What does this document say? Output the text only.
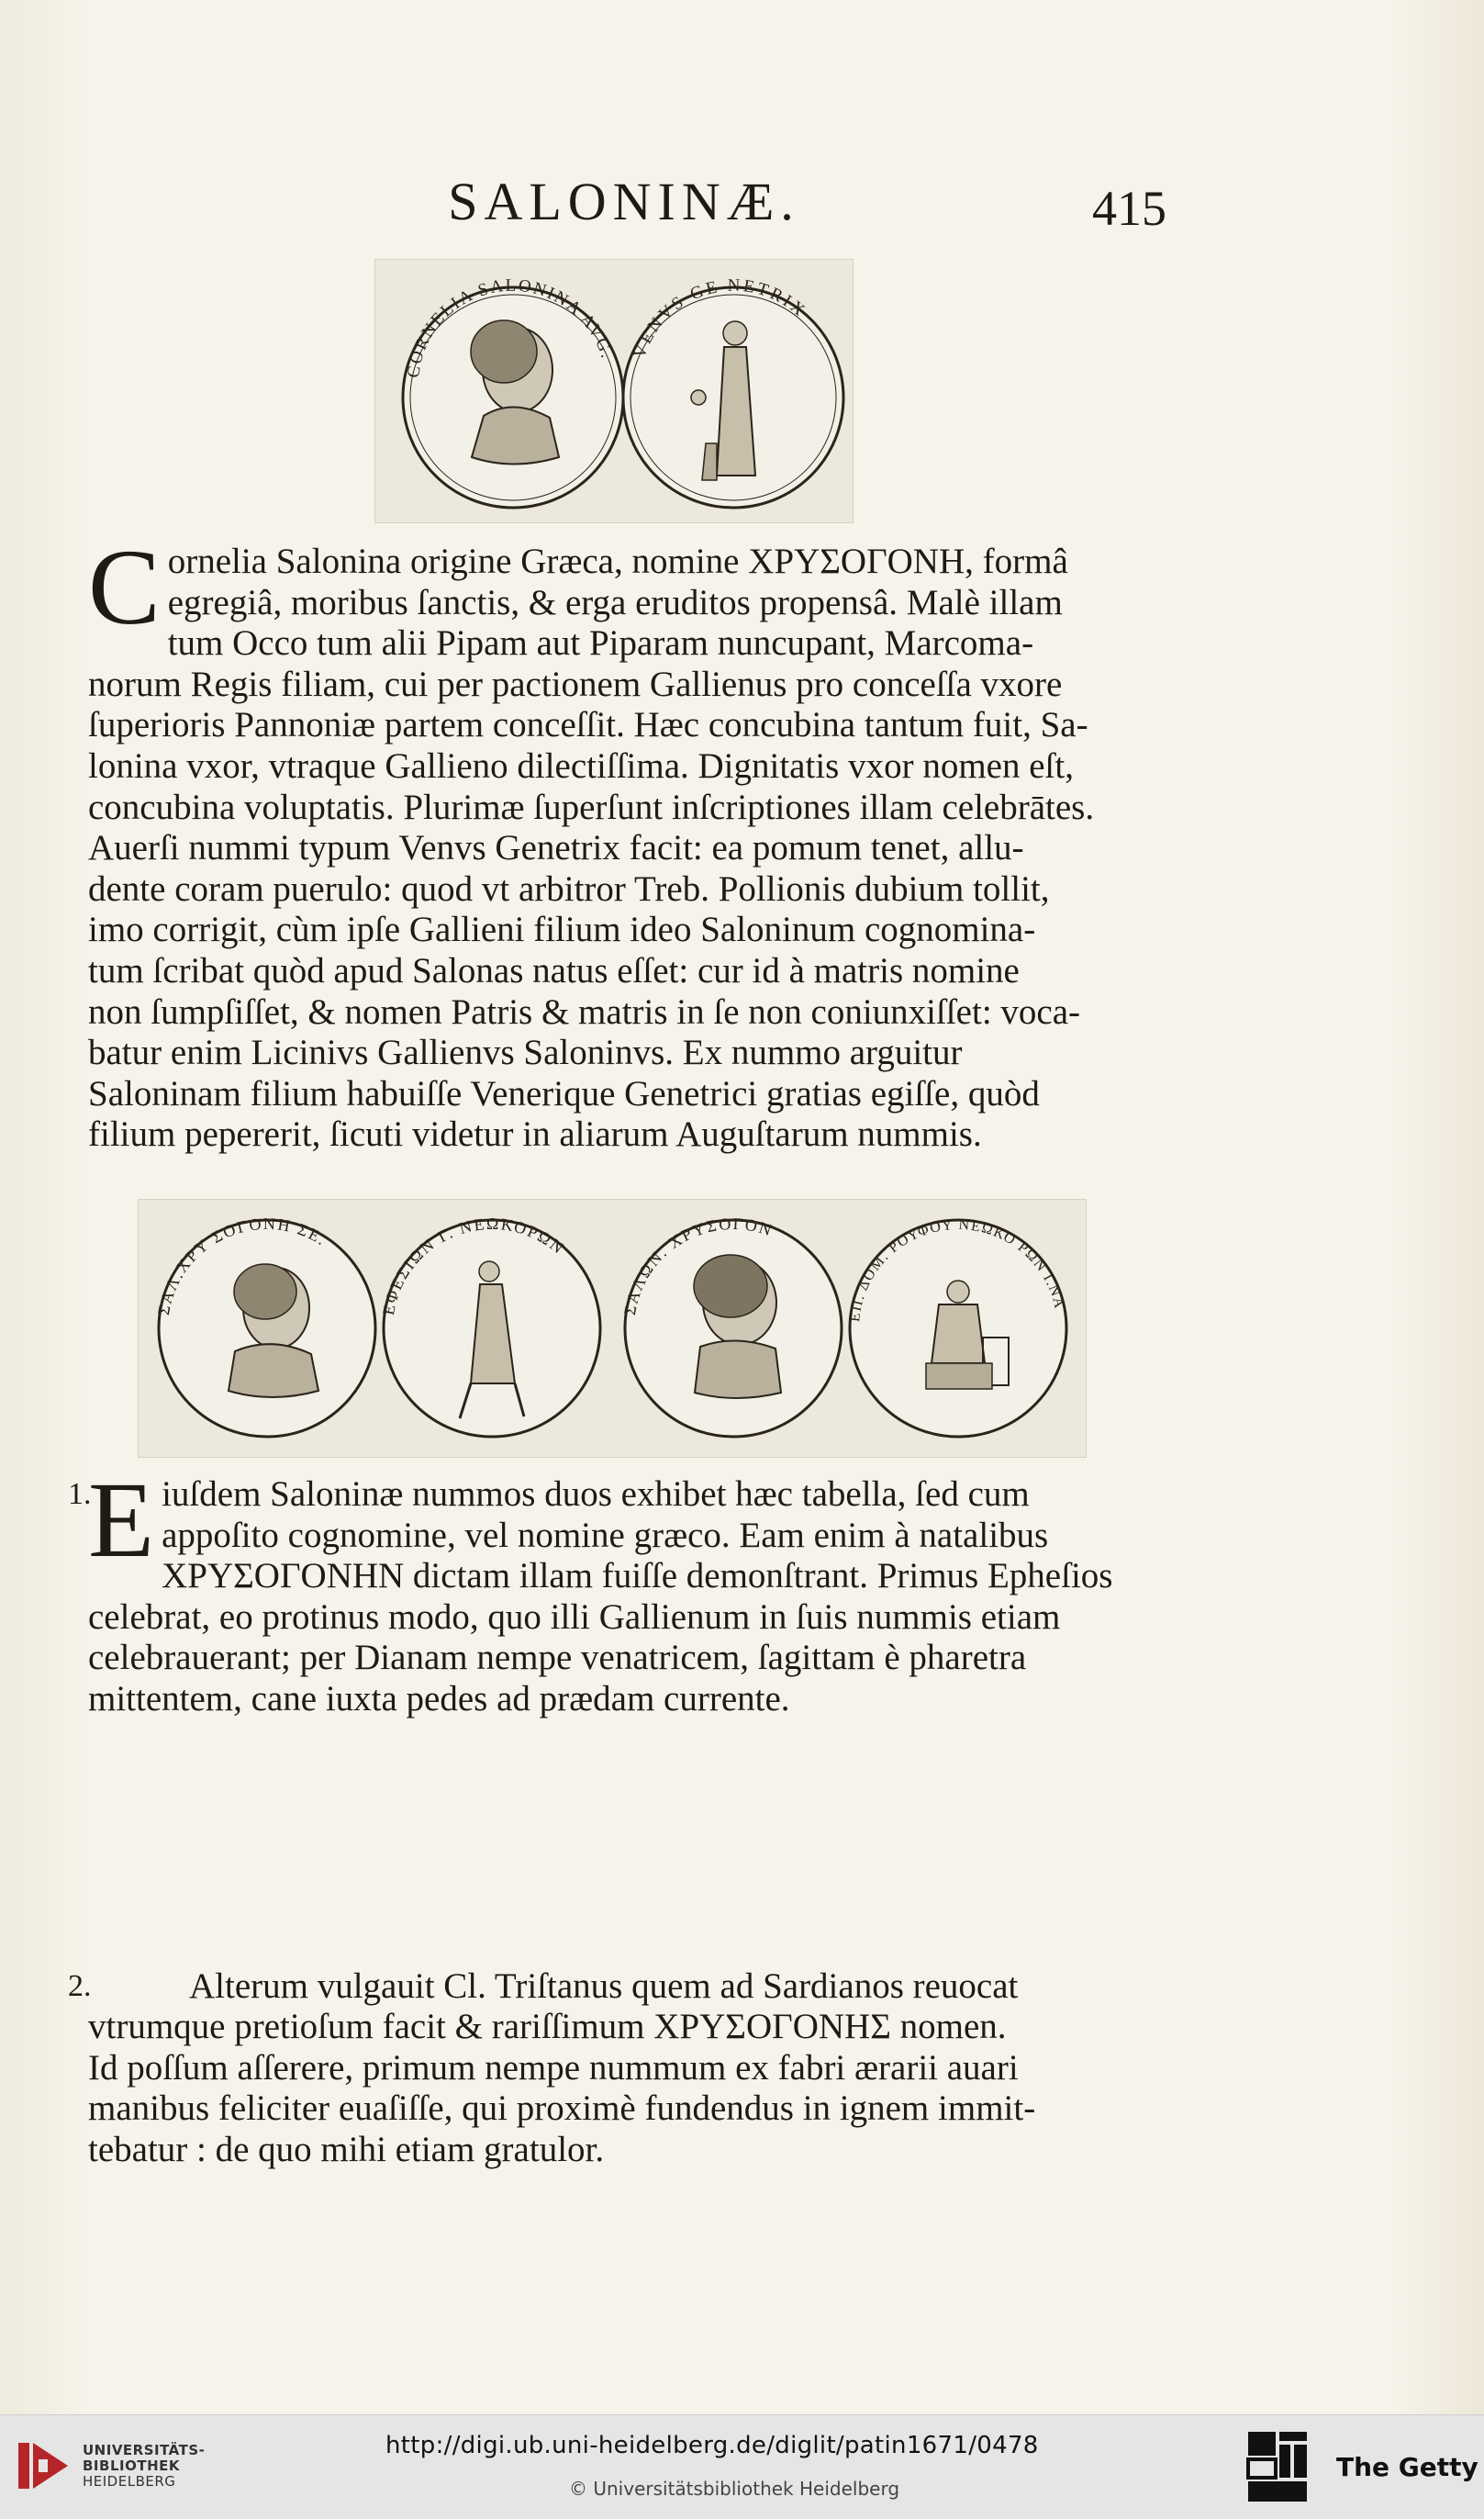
SALONINÆ.	415
CORNELIA SALONINA AVG. VENVS GE NETRIX
C ornelia Salonina origine Græca, nomine ΧΡΥΣΟΓΟΝΗ, formâ
egregiâ, moribus ſanctis, & erga eruditos propensâ. Malè illam
tum Occo tum alii Pipam aut Piparam nuncupant, Marcoma-
norum Regis filiam, cui per pactionem Gallienus pro conceſſa vxore
ſuperioris Pannoniæ partem conceſſit. Hæc concubina tantum fuit, Sa-
lonina vxor, vtraque Gallieno dilectiſſima. Dignitatis vxor nomen eſt,
concubina voluptatis. Plurimæ ſuperſunt inſcriptiones illam celebrātes.
Auerſi nummi typum Venvs Genetrix facit: ea pomum tenet, allu-
dente coram puerulo: quod vt arbitror Treb. Pollionis dubium tollit,
imo corrigit, cùm ipſe Gallieni filium ideo Saloninum cognomina-
tum ſcribat quòd apud Salonas natus eſſet: cur id à matris nomine
non ſumpſiſſet, & nomen Patris & matris in ſe non coniunxiſſet: voca-
batur enim Licinivs Gallienvs Saloninvs. Ex nummo arguitur
Saloninam filium habuiſſe Venerique Genetrici gratias egiſſe, quòd
filium pepererit, ſicuti videtur in aliarum Auguſtarum nummis.
ΣΑΛ.ΧΡΥ ΣΟΓΟΝΗ ΣΕ.
ΕΦΕΣΙΩΝ Γ. ΝΕΩΚΟΡΩΝ
ΣΑΛΩΝ. ΧΡΥΣΟΓΟΝ
ΕΠ. ΔΟΜ. ΡΟΥΦΟΥ ΝΕΩΚΟ ΡΩΝ Ι.ΝΑ
1.
E iuſdem Saloninæ nummos duos exhibet hæc tabella, ſed cum
appoſito cognomine, vel nomine græco. Eam enim à natalibus
ΧΡΥΣΟΓΟΝΗΝ dictam illam fuiſſe demonſtrant. Primus Epheſios
celebrat, eo protinus modo, quo illi Gallienum in ſuis nummis etiam
celebrauerant; per Dianam nempe venatricem, ſagittam è pharetra
mittentem, cane iuxta pedes ad prædam currente.
2.	Alterum vulgauit Cl. Triſtanus quem ad Sardianos reuocat
vtrumque pretioſum facit & rariſſimum ΧΡΥΣΟΓΟΝΗΣ nomen.
Id poſſum aſſerere, primum nempe nummum ex fabri ærarii auari
manibus feliciter euaſiſſe, qui proximè fundendus in ignem immit-
tebatur : de quo mihi etiam gratulor.
UNIVERSITÄTS-
BIBLIOTHEK
HEIDELBERG
http://digi.ub.uni-heidelberg.de/diglit/patin1671/0478
© Universitätsbibliothek Heidelberg
The Getty
